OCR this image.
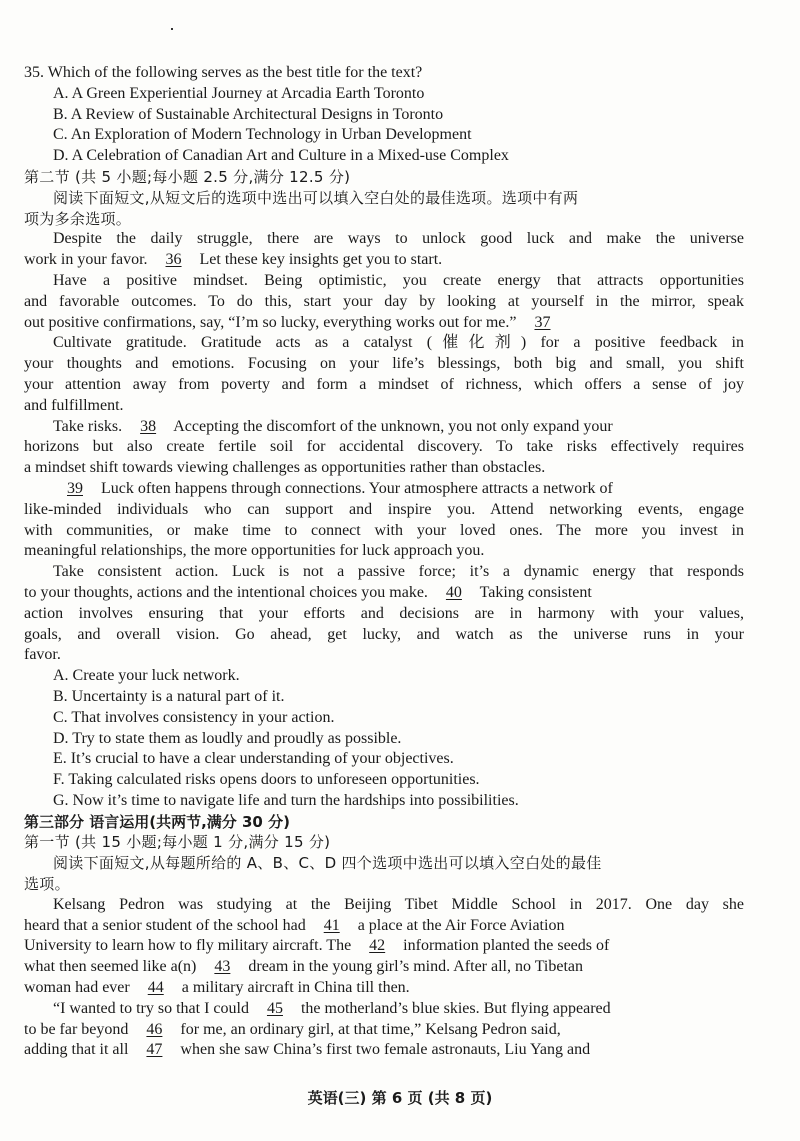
35. Which of the following serves as the best title for the text?
A. A Green Experiential Journey at Arcadia Earth Toronto
B. A Review of Sustainable Architectural Designs in Toronto
C. An Exploration of Modern Technology in Urban Development
D. A Celebration of Canadian Art and Culture in a Mixed-use Complex
第二节 (共 5 小题;每小题 2.5 分,满分 12.5 分)
阅读下面短文,从短文后的选项中选出可以填入空白处的最佳选项。选项中有两
项为多余选项。
Despite the daily struggle, there are ways to unlock good luck and make the universe
work in your favor. 36 Let these key insights get you to start.
Have a positive mindset. Being optimistic, you create energy that attracts opportunities
and favorable outcomes. To do this, start your day by looking at yourself in the mirror, speak
out positive confirmations, say, “I’m so lucky, everything works out for me.” 37
Cultivate gratitude. Gratitude acts as a catalyst (催化剂) for a positive feedback in
your thoughts and emotions. Focusing on your life’s blessings, both big and small, you shift
your attention away from poverty and form a mindset of richness, which offers a sense of joy
and fulfillment.
Take risks. 38 Accepting the discomfort of the unknown, you not only expand your
horizons but also create fertile soil for accidental discovery. To take risks effectively requires
a mindset shift towards viewing challenges as opportunities rather than obstacles.
39 Luck often happens through connections. Your atmosphere attracts a network of
like-minded individuals who can support and inspire you. Attend networking events, engage
with communities, or make time to connect with your loved ones. The more you invest in
meaningful relationships, the more opportunities for luck approach you.
Take consistent action. Luck is not a passive force; it’s a dynamic energy that responds
to your thoughts, actions and the intentional choices you make. 40 Taking consistent
action involves ensuring that your efforts and decisions are in harmony with your values,
goals, and overall vision. Go ahead, get lucky, and watch as the universe runs in your
favor.
A. Create your luck network.
B. Uncertainty is a natural part of it.
C. That involves consistency in your action.
D. Try to state them as loudly and proudly as possible.
E. It’s crucial to have a clear understanding of your objectives.
F. Taking calculated risks opens doors to unforeseen opportunities.
G. Now it’s time to navigate life and turn the hardships into possibilities.
第三部分 语言运用(共两节,满分 30 分)
第一节 (共 15 小题;每小题 1 分,满分 15 分)
阅读下面短文,从每题所给的 A、B、C、D 四个选项中选出可以填入空白处的最佳
选项。
Kelsang Pedron was studying at the Beijing Tibet Middle School in 2017. One day she
heard that a senior student of the school had 41 a place at the Air Force Aviation
University to learn how to fly military aircraft. The 42 information planted the seeds of
what then seemed like a(n) 43 dream in the young girl’s mind. After all, no Tibetan
woman had ever 44 a military aircraft in China till then.
“I wanted to try so that I could 45 the motherland’s blue skies. But flying appeared
to be far beyond 46 for me, an ordinary girl, at that time,” Kelsang Pedron said,
adding that it all 47 when she saw China’s first two female astronauts, Liu Yang and
英语(三) 第 6 页 (共 8 页)
